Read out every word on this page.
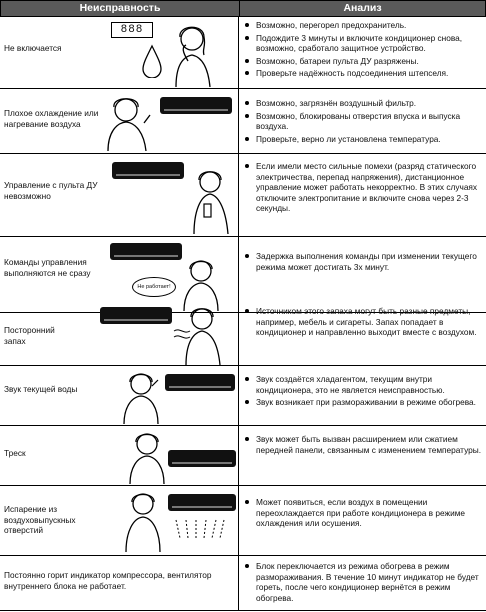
Неисправность	Анализ
Не включается
888	Возможно, перегорел предохранитель.
Подождите 3 минуты и включите кондиционер снова, возможно, сработало защитное устройство.
Возможно, батареи пульта ДУ разряжены.
Проверьте надёжность подсоединения штепселя.
Плохое охлаждение или нагревание воздуха
Возможно, загрязнён воздушный фильтр.
Возможно, блокированы отверстия впуска и выпуска воздуха.
Проверьте, верно ли установлена температура.
Управление с пульта ДУ невозможно
Если имели место сильные помехи (разряд статического электричества, перепад напряжения), дистанционное управление может работать некорректно. В этих случаях отключите электропитание и включите снова через 2-3 секунды.
Команды управления выполняются не сразу
Не работает!
Задержка выполнения команды при изменении текущего режима может достигать 3х минут.
Посторонний запах
Источником этого запаха могут быть разные предметы, например, мебель и сигареты. Запах попадает в кондиционер и направленно выходит вместе с воздухом.
Звук текущей воды
Звук создаётся хладагентом, текущим внутри кондиционера, это не является неисправностью.
Звук возникает при размораживании в режиме обогрева.
Треск
Звук может быть вызван расширением или сжатием передней панели, связанным с изменением температуры.
Испарение из воздуховыпускных отверстий
Может появиться, если воздух в помещении переохлаждается при работе кондиционера в режиме охлаждения или осушения.
Постоянно горит индикатор компрессора, вентилятор внутреннего блока не работает.
Блок переключается из режима обогрева в режим размораживания. В течение 10 минут индикатор не будет гореть, после чего кондиционер вернётся в режим обогрева.
